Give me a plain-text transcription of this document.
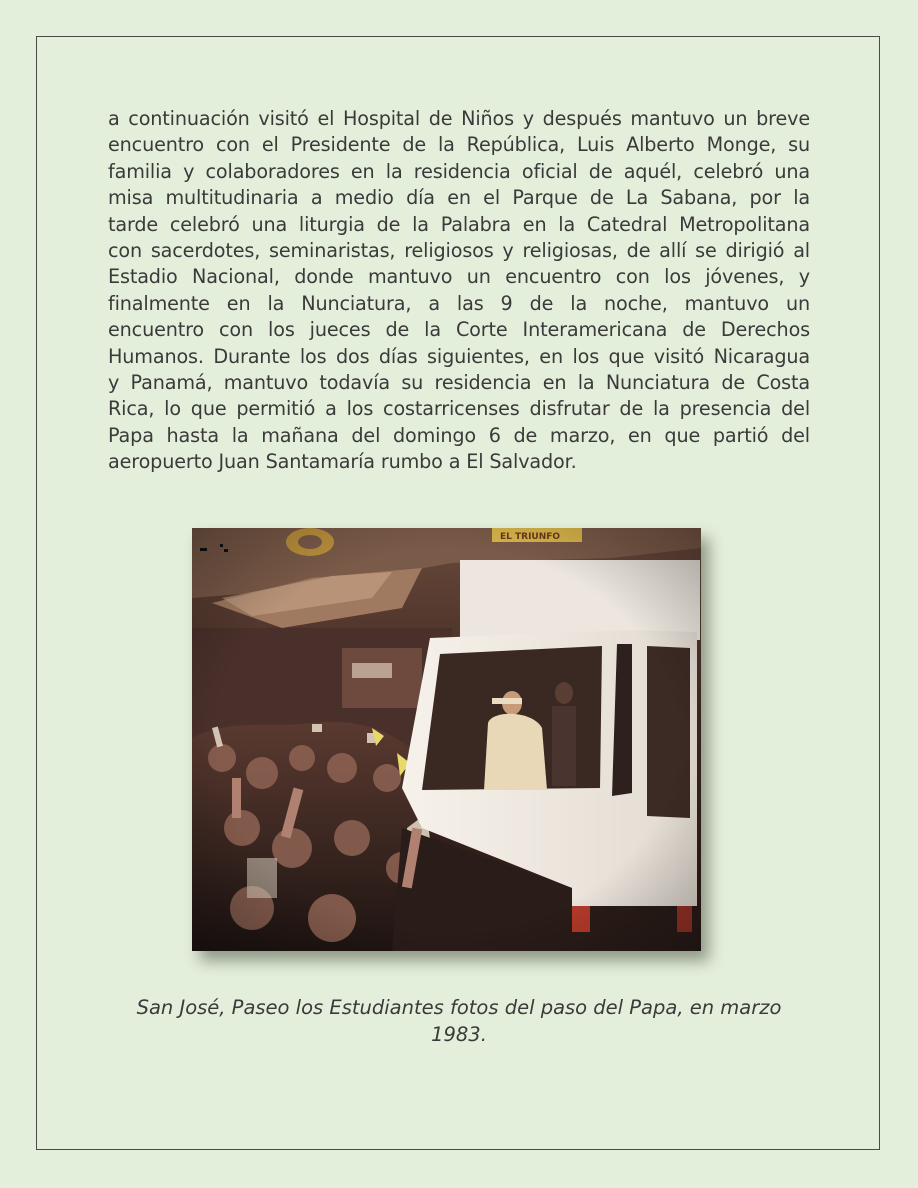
a continuación visitó el Hospital de Niños y después mantuvo un breve
encuentro con el Presidente de la República, Luis Alberto Monge, su
familia y colaboradores en la residencia oficial de aquél, celebró una
misa multitudinaria a medio día en el Parque de La Sabana, por la
tarde celebró una liturgia de la Palabra en la Catedral Metropolitana
con sacerdotes, seminaristas, religiosos y religiosas, de allí se dirigió al
Estadio Nacional, donde mantuvo un encuentro con los jóvenes, y
finalmente en la Nunciatura, a las 9 de la noche, mantuvo un
encuentro con los jueces de la Corte Interamericana de Derechos
Humanos. Durante los dos días siguientes, en los que visitó Nicaragua
y Panamá, mantuvo todavía su residencia en la Nunciatura de Costa
Rica, lo que permitió a los costarricenses disfrutar de la presencia del
Papa hasta la mañana del domingo 6 de marzo, en que partió del
aeropuerto Juan Santamaría rumbo a El Salvador.
San José, Paseo los Estudiantes fotos del paso del Papa, en marzo
1983.
